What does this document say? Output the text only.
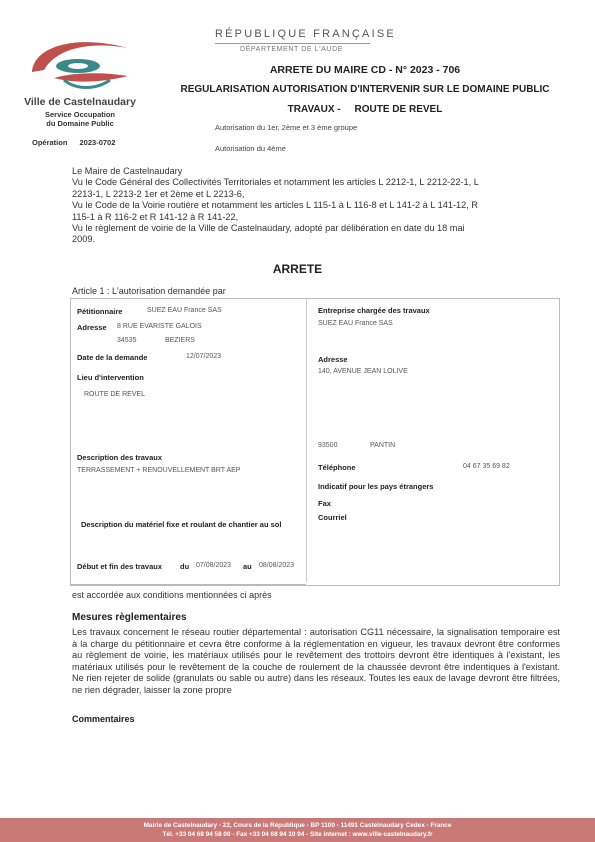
Ville de Castelnaudary
Service Occupation
du Domaine Public
Opération 2023-0702
RÉPUBLIQUE FRANÇAISE
DÉPARTEMENT DE L'AUDE
ARRETE DU MAIRE CD - N° 2023 - 706
REGULARISATION AUTORISATION D'INTERVENIR SUR LE DOMAINE PUBLIC
TRAVAUX -     ROUTE DE REVEL
Autorisation du 1er, 2ème et 3 ème groupe
Autorisation du 4ème
Le Maire de Castelnaudary
Vu le Code Général des Collectivités Territoriales et notamment les articles L 2212-1, L 2212-22-1, L
2213-1, L 2213-2 1er et 2ème et L 2213-6,
Vu le Code de la Voirie routière et notamment les articles L 115-1 à L 116-8 et L 141-2 à L 141-12, R
115-1 à R 116-2 et R 141-12 à R 141-22,
Vu le règlement de voirie de la Ville de Castelnaudary, adopté par délibération en date du 18 mai
2009.
ARRETE
Article 1 : L'autorisation demandée par
Pétitionnaire	SUEZ EAU France SAS
Adresse 8 RUE EVARISTE GALOIS
34535	BEZIERS
Date de la demande	12/07/2023
Lieu d'intervention
ROUTE DE REVEL
Description des travaux
TERRASSEMENT + RENOUVELLEMENT BRT AEP
Description du matériel fixe et roulant de chantier au sol
Début et fin des travaux du 07/08/2023 au 08/08/2023
Entreprise chargée des travaux
SUEZ EAU France SAS
Adresse
140, AVENUE JEAN LOLIVE
93500	PANTIN
Téléphone	04 67 35 69 82
Indicatif pour les pays étrangers
Fax
Courriel
est accordée aux conditions mentionnées ci après
Mesures règlementaires
Les travaux concernent le réseau routier départemental : autorisation CG11 nécessaire, la signalisation temporaire est à la charge du pétitionnaire et cevra être conforme à la réglementation en vigueur, les travaux devront être conformes au règlement de voirie, les matériaux utilisés pour le revêtement des trottoirs devront être identiques à l'existant, les matériaux utilisés pour le revêtement de la couche de roulement de la chaussée devront être indentiques à l'existant. Ne rien rejeter de solide (granulats ou sable ou autre) dans les réseaux. Toutes les eaux de lavage devront être filtrées, ne rien dégrader, laisser la zone propre
Commentaires
Mairie de Castelnaudary - 22, Cours de la République - BP 1100 - 11491 Castelnaudary Cedex - France
Tél. +33 04 68 94 58 00 - Fax +33 04 68 94 10 94 - Site internet : www.ville-castelnaudary.fr
